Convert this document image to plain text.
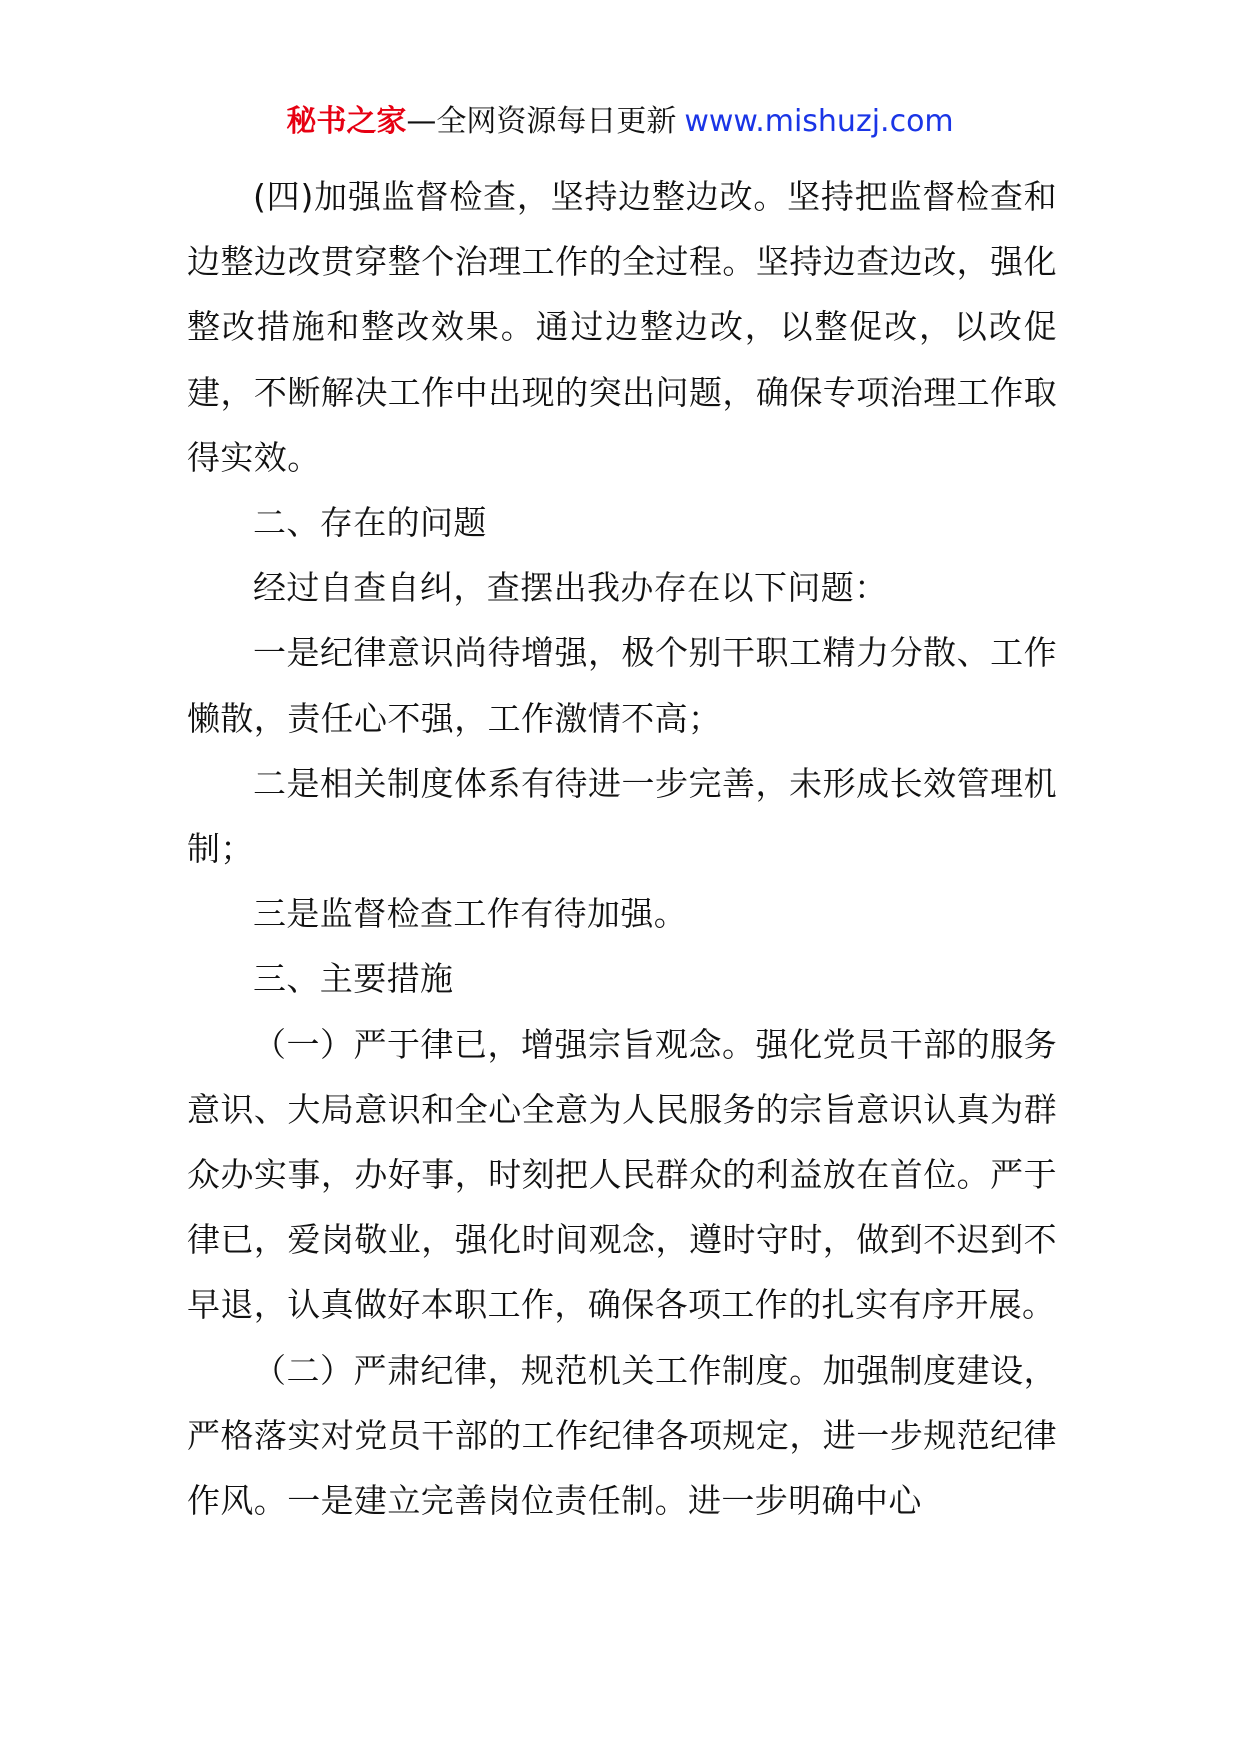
秘书之家—全网资源每日更新 www.mishuzj.com

(四)加强监督检查，坚持边整边改。坚持把监督检查和边整边改贯穿整个治理工作的全过程。坚持边查边改，强化整改措施和整改效果。通过边整边改，以整促改，以改促建，不断解决工作中出现的突出问题，确保专项治理工作取得实效。

二、存在的问题

经过自查自纠，查摆出我办存在以下问题：

一是纪律意识尚待增强，极个别干职工精力分散、工作懒散，责任心不强，工作激情不高；

二是相关制度体系有待进一步完善，未形成长效管理机制；

三是监督检查工作有待加强。

三、主要措施

（一）严于律已，增强宗旨观念。强化党员干部的服务意识、大局意识和全心全意为人民服务的宗旨意识认真为群众办实事，办好事，时刻把人民群众的利益放在首位。严于律已，爱岗敬业，强化时间观念，遵时守时，做到不迟到不早退，认真做好本职工作，确保各项工作的扎实有序开展。

（二）严肃纪律，规范机关工作制度。加强制度建设，严格落实对党员干部的工作纪律各项规定，进一步规范纪律作风。一是建立完善岗位责任制。进一步明确中心
